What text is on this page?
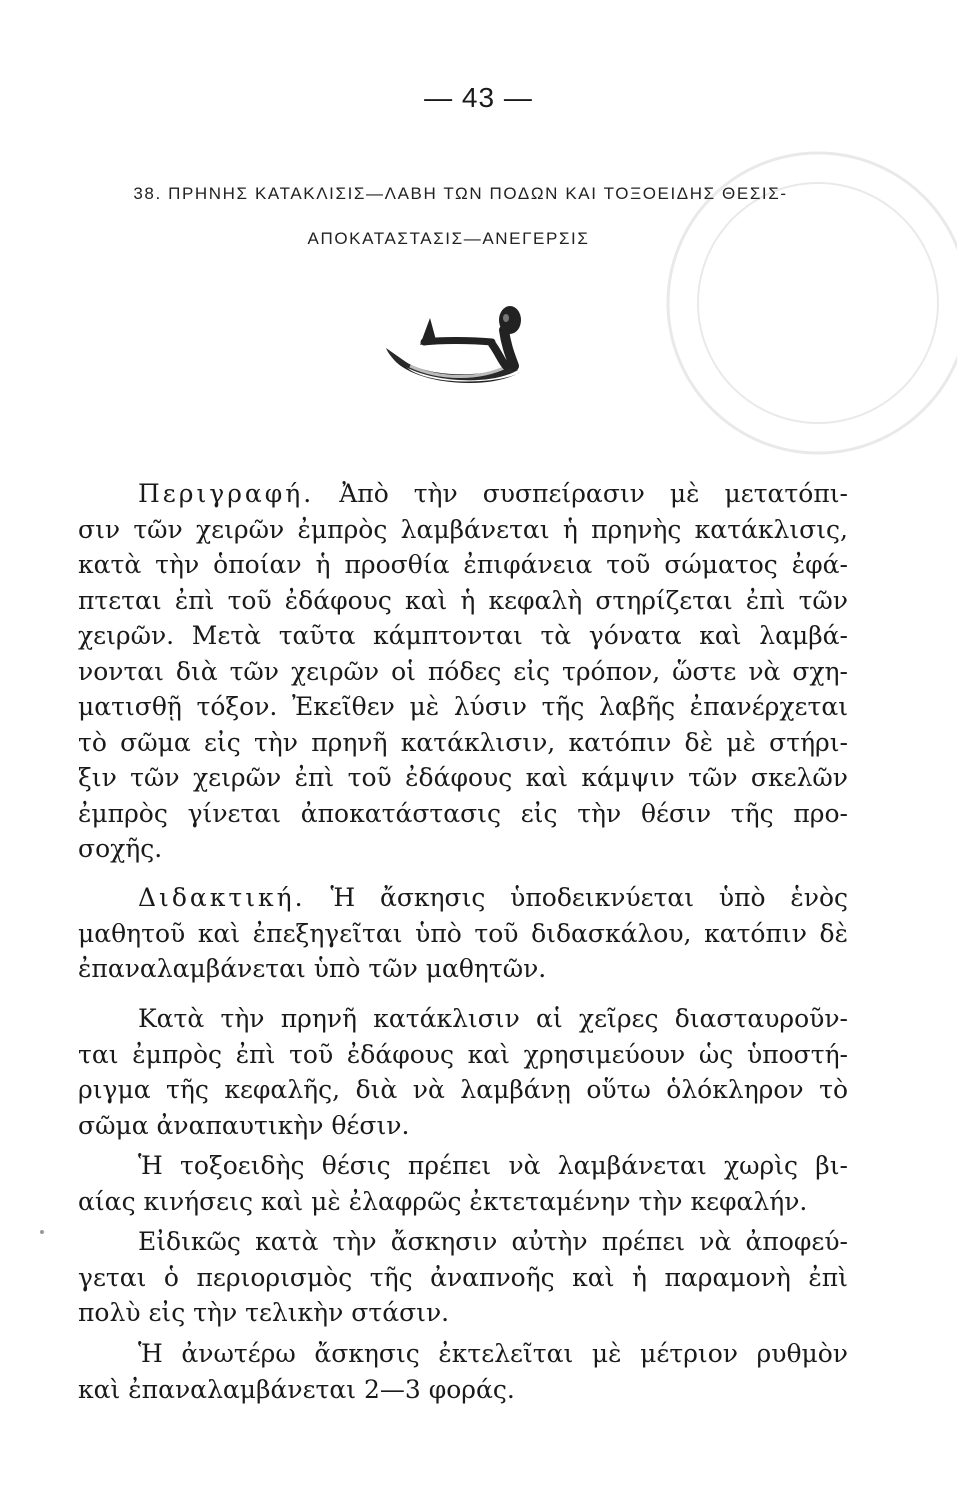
— 43 —
38. ΠΡΗΝΗΣ ΚΑΤΑΚΛΙΣΙΣ—ΛΑΒΗ ΤΩΝ ΠΟΔΩΝ ΚΑΙ ΤΟΞΟΕΙΔΗΣ ΘΕΣΙΣ-
ΑΠΟΚΑΤΑΣΤΑΣΙΣ—ΑΝΕΓΕΡΣΙΣ
Περιγραφή. Ἀπὸ τὴν συσπείρασιν μὲ μετατόπι-
σιν τῶν χειρῶν ἐμπρὸς λαμβάνεται ἡ πρηνὴς κατάκλισις,
κατὰ τὴν ὁποίαν ἡ προσθία ἐπιφάνεια τοῦ σώματος ἐφά-
πτεται ἐπὶ τοῦ ἐδάφους καὶ ἡ κεφαλὴ στηρίζεται ἐπὶ τῶν
χειρῶν. Μετὰ ταῦτα κάμπτονται τὰ γόνατα καὶ λαμβά-
νονται διὰ τῶν χειρῶν οἱ πόδες εἰς τρόπον, ὥστε νὰ σχη-
ματισθῇ τόξον. Ἐκεῖθεν μὲ λύσιν τῆς λαβῆς ἐπανέρχεται
τὸ σῶμα εἰς τὴν πρηνῆ κατάκλισιν, κατόπιν δὲ μὲ στήρι-
ξιν τῶν χειρῶν ἐπὶ τοῦ ἐδάφους καὶ κάμψιν τῶν σκελῶν
ἐμπρὸς γίνεται ἀποκατάστασις εἰς τὴν θέσιν τῆς προ-
σοχῆς.
Διδακτική. Ἡ ἄσκησις ὑποδεικνύεται ὑπὸ ἑνὸς
μαθητοῦ καὶ ἐπεξηγεῖται ὑπὸ τοῦ διδασκάλου, κατόπιν δὲ
ἐπαναλαμβάνεται ὑπὸ τῶν μαθητῶν.
Κατὰ τὴν πρηνῆ κατάκλισιν αἱ χεῖρες διασταυροῦν-
ται ἐμπρὸς ἐπὶ τοῦ ἐδάφους καὶ χρησιμεύουν ὡς ὑποστή-
ριγμα τῆς κεφαλῆς, διὰ νὰ λαμβάνῃ οὕτω ὁλόκληρον τὸ
σῶμα ἀναπαυτικὴν θέσιν.
Ἡ τοξοειδὴς θέσις πρέπει νὰ λαμβάνεται χωρὶς βι-
αίας κινήσεις καὶ μὲ ἐλαφρῶς ἐκτεταμένην τὴν κεφαλήν.
Εἰδικῶς κατὰ τὴν ἄσκησιν αὐτὴν πρέπει νὰ ἀποφεύ-
γεται ὁ περιορισμὸς τῆς ἀναπνοῆς καὶ ἡ παραμονὴ ἐπὶ
πολὺ εἰς τὴν τελικὴν στάσιν.
Ἡ ἀνωτέρω ἄσκησις ἐκτελεῖται μὲ μέτριον ρυθμὸν
καὶ ἐπαναλαμβάνεται 2—3 φοράς.
